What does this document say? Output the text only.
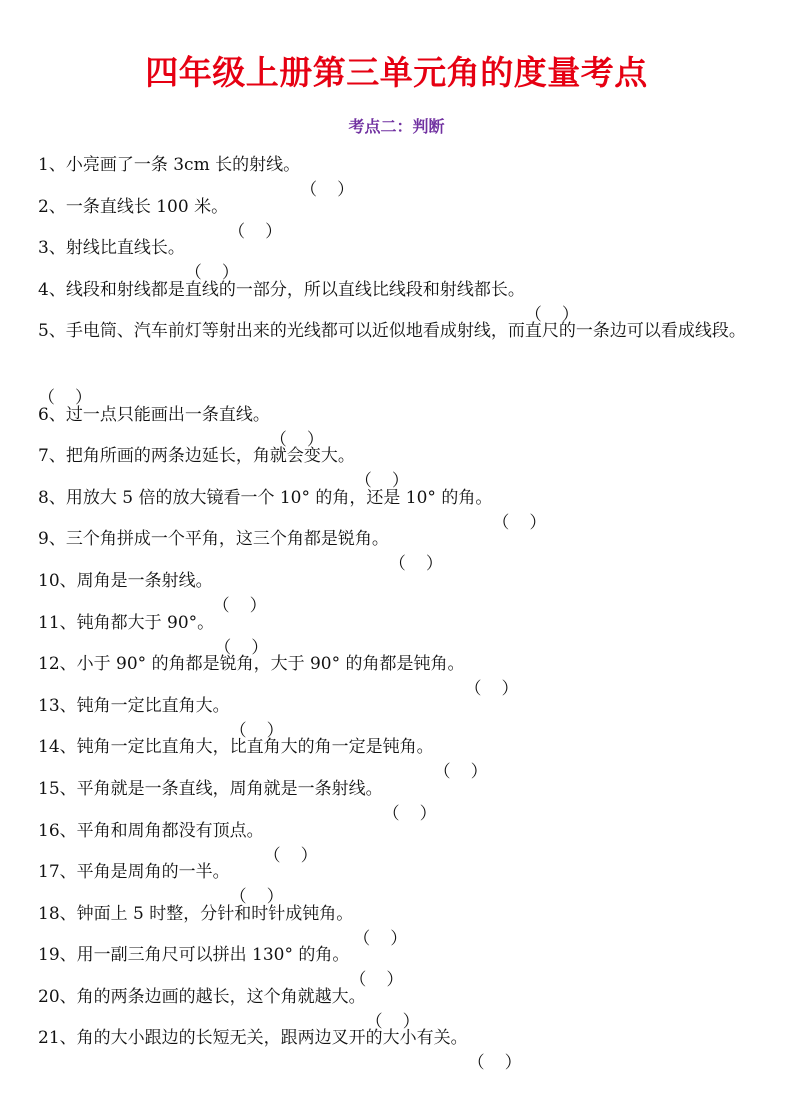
四年级上册第三单元角的度量考点
考点二：判断
1、小亮画了一条 3cm 长的射线。
2、一条直线长 100 米。
3、射线比直线长。
4、线段和射线都是直线的一部分，所以直线比线段和射线都长。
5、手电筒、汽车前灯等射出来的光线都可以近似地看成射线，而直尺的一条边可以看成线段。
6、过一点只能画出一条直线。
7、把角所画的两条边延长，角就会变大。
8、用放大 5 倍的放大镜看一个 10° 的角，还是 10° 的角。
9、三个角拼成一个平角，这三个角都是锐角。
10、周角是一条射线。
11、钝角都大于 90°。
12、小于 90° 的角都是锐角，大于 90° 的角都是钝角。
13、钝角一定比直角大。
14、钝角一定比直角大，比直角大的角一定是钝角。
15、平角就是一条直线，周角就是一条射线。
16、平角和周角都没有顶点。
17、平角是周角的一半。
18、钟面上 5 时整，分针和时针成钝角。
19、用一副三角尺可以拼出 130° 的角。
20、角的两条边画的越长，这个角就越大。
21、角的大小跟边的长短无关，跟两边叉开的大小有关。
